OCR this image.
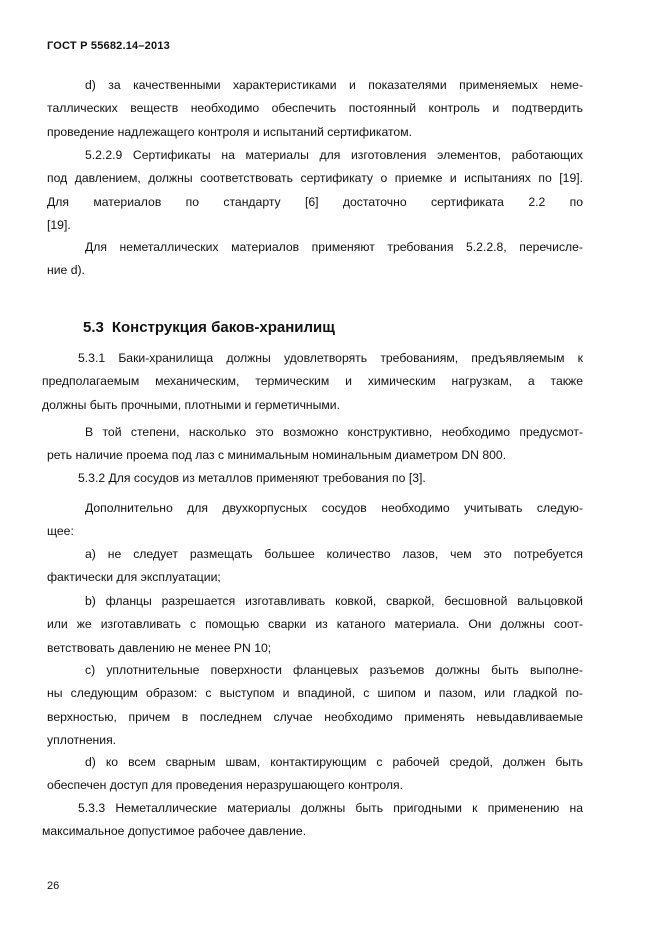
ГОСТ Р 55682.14–2013
d) за качественными характеристиками и показателями применяемых неме-
таллических веществ необходимо обеспечить постоянный контроль и подтвердить
проведение надлежащего контроля и испытаний сертификатом.
5.2.2.9 Сертификаты на материалы для изготовления элементов, работающих
под давлением, должны соответствовать сертификату о приемке и испытаниях по [19].
Для материалов по стандарту [6] достаточно сертификата 2.2 по
[19].
Для неметаллических материалов применяют требования 5.2.2.8, перечисле-
ние d).
5.3 Конструкция баков-хранилищ
5.3.1 Баки-хранилища должны удовлетворять требованиям, предъявляемым к
предполагаемым механическим, термическим и химическим нагрузкам, а также
должны быть прочными, плотными и герметичными.
В той степени, насколько это возможно конструктивно, необходимо предусмот-
реть наличие проема под лаз с минимальным номинальным диаметром DN 800.
5.3.2 Для сосудов из металлов применяют требования по [3].
Дополнительно для двухкорпусных сосудов необходимо учитывать следую-
щее:
а) не следует размещать большее количество лазов, чем это потребуется
фактически для эксплуатации;
b) фланцы разрешается изготавливать ковкой, сваркой, бесшовной вальцовкой
или же изготавливать с помощью сварки из катаного материала. Они должны соот-
ветствовать давлению не менее PN 10;
c) уплотнительные поверхности фланцевых разъемов должны быть выполне-
ны следующим образом: с выступом и впадиной, с шипом и пазом, или гладкой по-
верхностью, причем в последнем случае необходимо применять невыдавливаемые
уплотнения.
d) ко всем сварным швам, контактирующим с рабочей средой, должен быть
обеспечен доступ для проведения неразрушающего контроля.
5.3.3 Неметаллические материалы должны быть пригодными к применению на
максимальное допустимое рабочее давление.
26
